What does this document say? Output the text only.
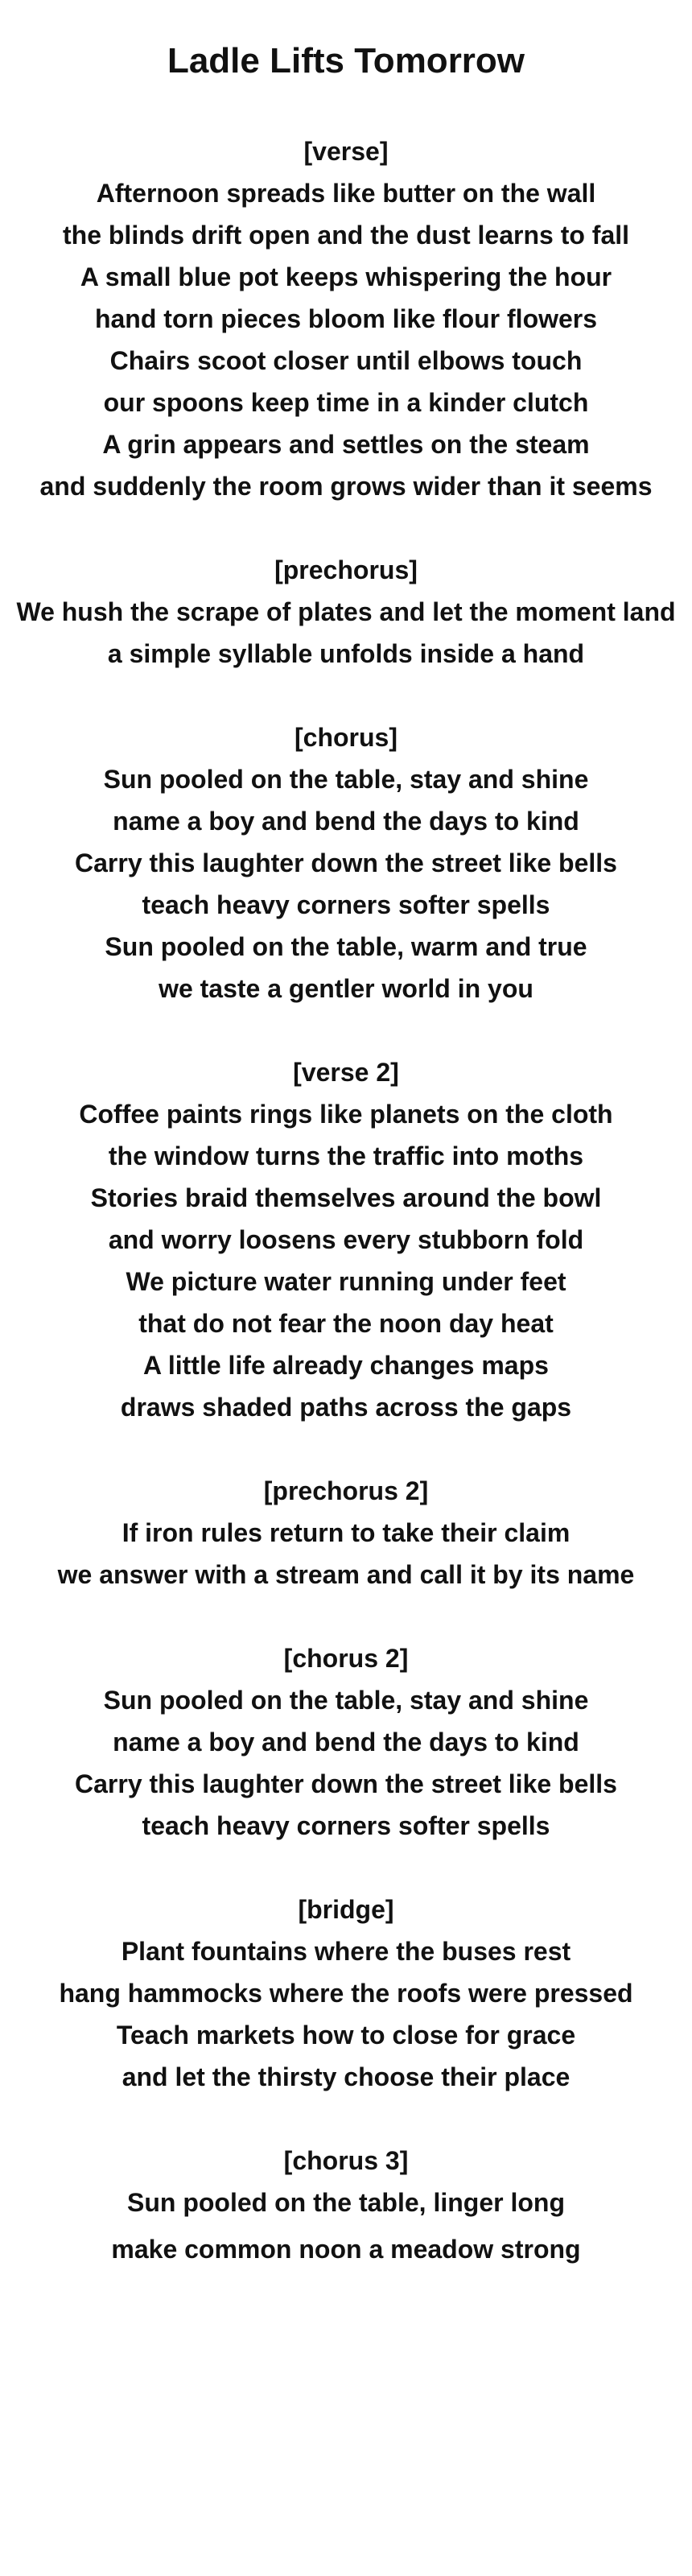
Ladle Lifts Tomorrow
[verse]
Afternoon spreads like butter on the wall
the blinds drift open and the dust learns to fall
A small blue pot keeps whispering the hour
hand torn pieces bloom like flour flowers
Chairs scoot closer until elbows touch
our spoons keep time in a kinder clutch
A grin appears and settles on the steam
and suddenly the room grows wider than it seems
[prechorus]
We hush the scrape of plates and let the moment land
a simple syllable unfolds inside a hand
[chorus]
Sun pooled on the table, stay and shine
name a boy and bend the days to kind
Carry this laughter down the street like bells
teach heavy corners softer spells
Sun pooled on the table, warm and true
we taste a gentler world in you
[verse 2]
Coffee paints rings like planets on the cloth
the window turns the traffic into moths
Stories braid themselves around the bowl
and worry loosens every stubborn fold
We picture water running under feet
that do not fear the noon day heat
A little life already changes maps
draws shaded paths across the gaps
[prechorus 2]
If iron rules return to take their claim
we answer with a stream and call it by its name
[chorus 2]
Sun pooled on the table, stay and shine
name a boy and bend the days to kind
Carry this laughter down the street like bells
teach heavy corners softer spells
[bridge]
Plant fountains where the buses rest
hang hammocks where the roofs were pressed
Teach markets how to close for grace
and let the thirsty choose their place
[chorus 3]
Sun pooled on the table, linger long
make common noon a meadow strong
